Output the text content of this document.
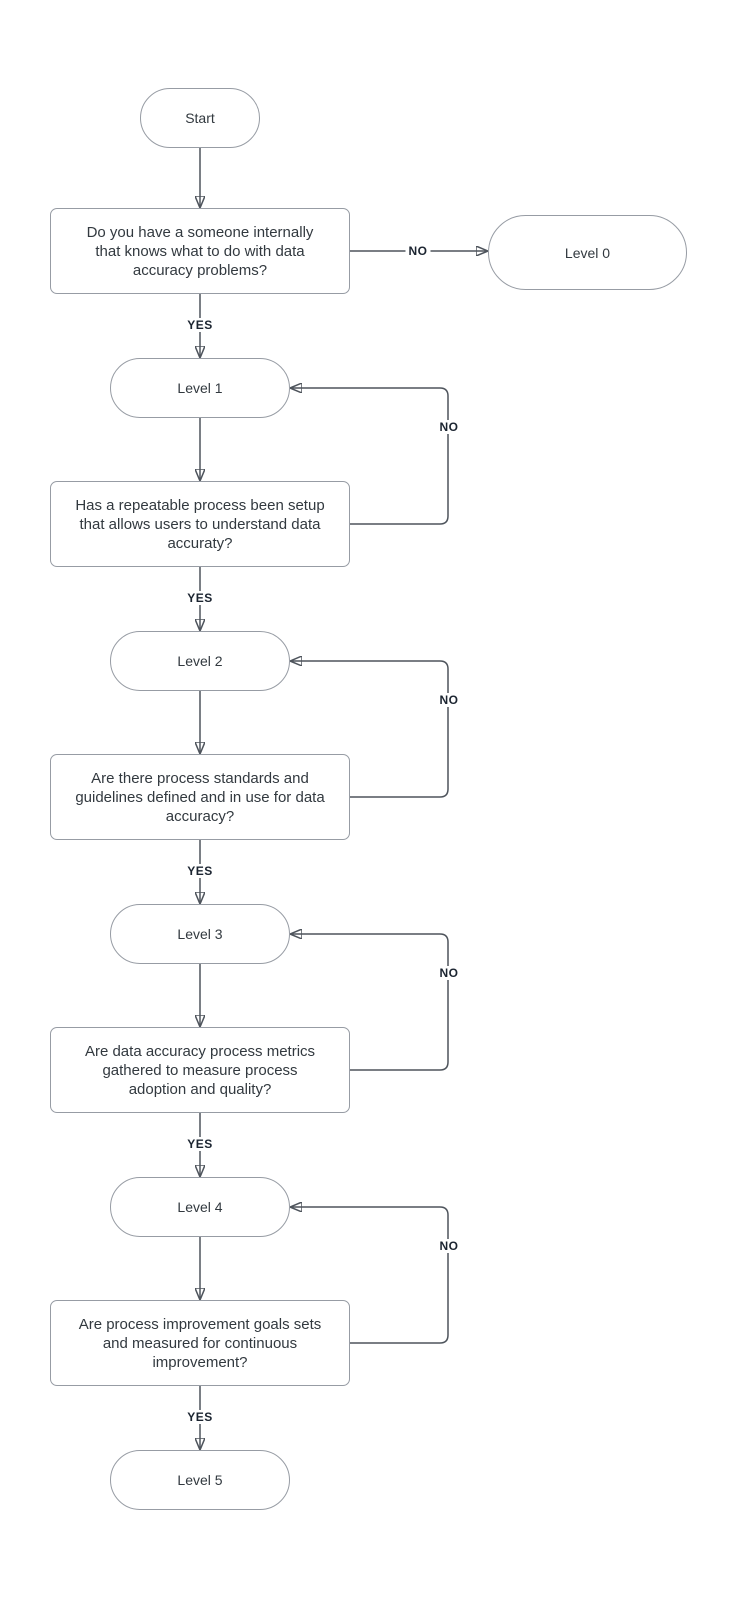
Start
Level 0
Level 1
Level 2
Level 3
Level 4
Level 5
Do you have a someone internally
that knows what to do with data
accuracy problems?
Has a repeatable process been setup
that allows users to understand data
accuraty?
Are there process standards and
guidelines defined and in use for data
accuracy?
Are data accuracy process metrics
gathered to measure process
adoption and quality?
Are process improvement goals sets
and measured for continuous
improvement?
NO
YES
NO
YES
NO
YES
NO
YES
NO
YES
